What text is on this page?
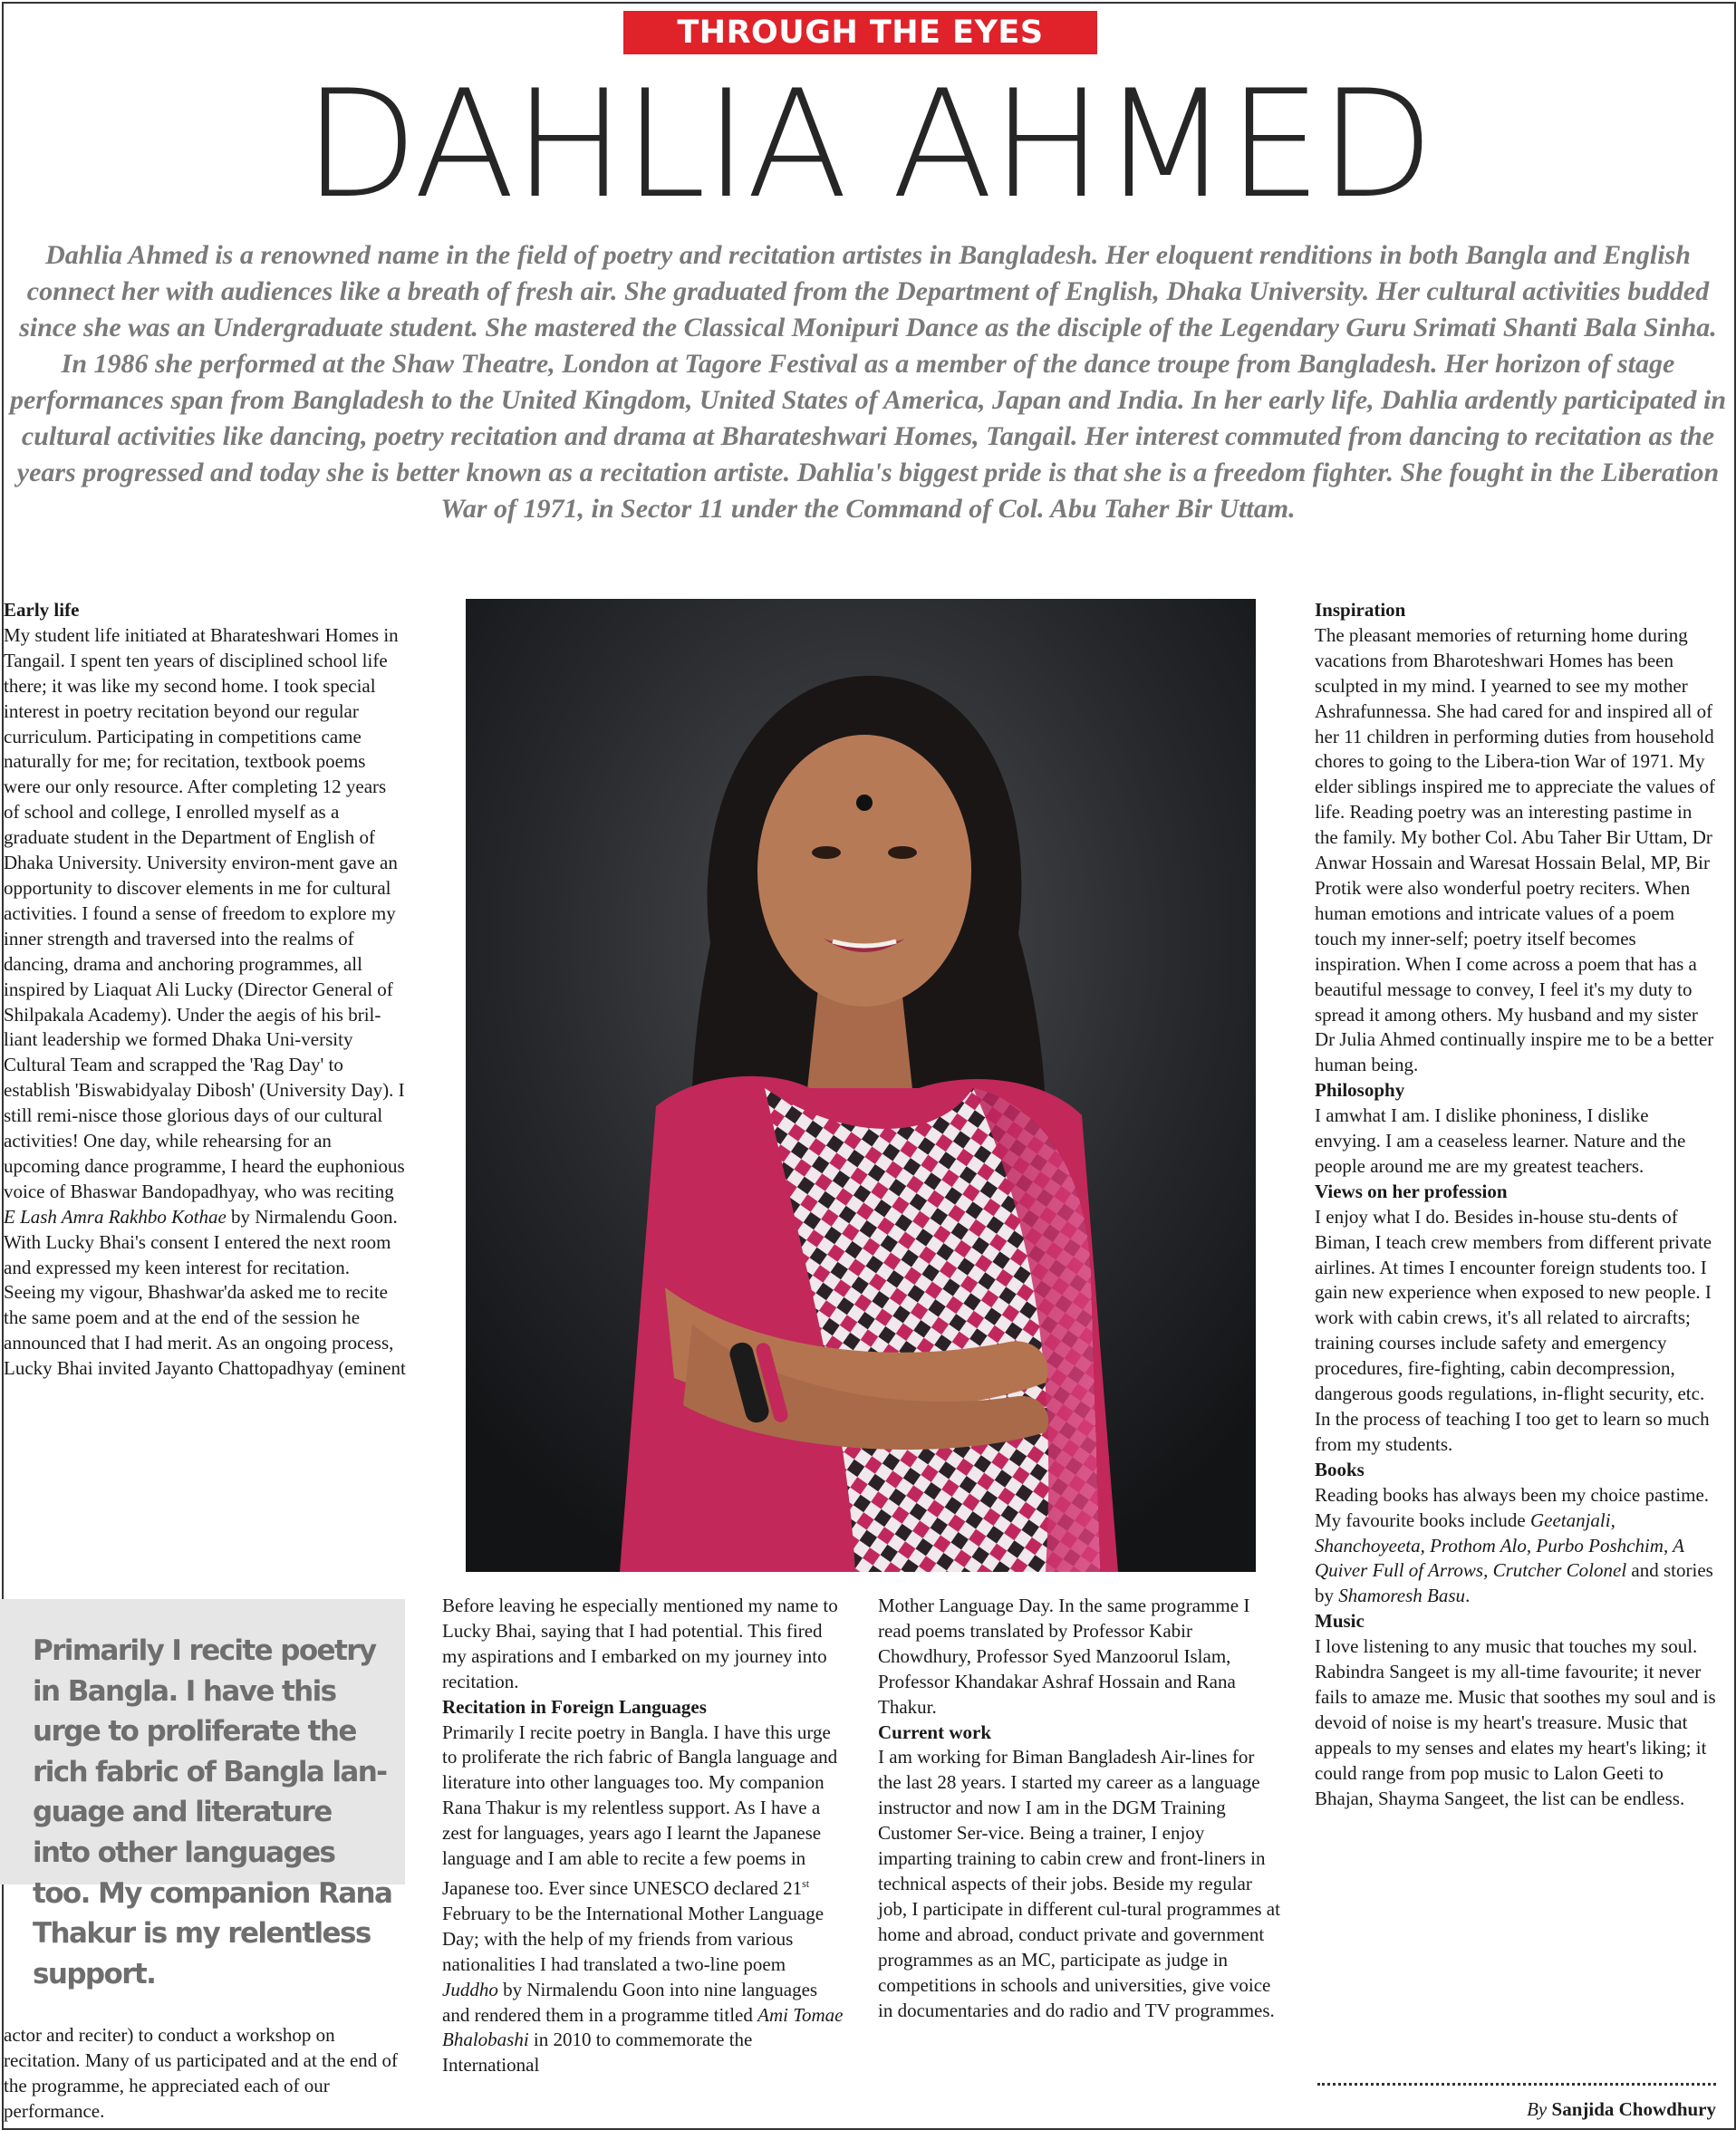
THROUGH THE EYES
DAHLIA AHMED
Dahlia Ahmed is a renowned name in the field of poetry and recitation artistes in Bangladesh. Her eloquent renditions in both Bangla and English connect her with audiences like a breath of fresh air. She graduated from the Department of English, Dhaka University. Her cultural activities budded since she was an Undergraduate student. She mastered the Classical Monipuri Dance as the disciple of the Legendary Guru Srimati Shanti Bala Sinha. In 1986 she performed at the Shaw Theatre, London at Tagore Festival as a member of the dance troupe from Bangladesh. Her horizon of stage performances span from Bangladesh to the United Kingdom, United States of America, Japan and India. In her early life, Dahlia ardently participated in cultural activities like dancing, poetry recitation and drama at Bharateshwari Homes, Tangail. Her interest commuted from dancing to recitation as the years progressed and today she is better known as a recitation artiste. Dahlia's biggest pride is that she is a freedom fighter. She fought in the Liberation War of 1971, in Sector 11 under the Command of Col. Abu Taher Bir Uttam.
Early life

My student life initiated at Bharateshwari Homes in Tangail. I spent ten years of disciplined school life there; it was like my second home. I took special interest in poetry recitation beyond our regular curriculum. Participating in competitions came naturally for me; for recitation, textbook poems were our only resource. After completing 12 years of school and college, I enrolled myself as a graduate student in the Department of English of Dhaka University. University environ-ment gave an opportunity to discover elements in me for cultural activities. I found a sense of freedom to explore my inner strength and traversed into the realms of dancing, drama and anchoring programmes, all inspired by Liaquat Ali Lucky (Director General of Shilpakala Academy). Under the aegis of his bril-liant leadership we formed Dhaka Uni-versity Cultural Team and scrapped the 'Rag Day' to establish 'Biswabidyalay Dibosh' (University Day). I still remi-nisce those glorious days of our cultural activities! One day, while rehearsing for an upcoming dance programme, I heard the euphonious voice of Bhaswar Bandopadhyay, who was reciting E Lash Amra Rakhbo Kothae by Nirmalendu Goon. With Lucky Bhai's consent I entered the next room and expressed my keen interest for recitation. Seeing my vigour, Bhashwar'da asked me to recite the same poem and at the end of the session he announced that I had merit. As an ongoing process, Lucky Bhai invited Jayanto Chattopadhyay (eminent

Primarily I recite poetry in Bangla. I have this urge to proliferate the rich fabric of Bangla lan-guage and literature into other languages too. My companion Rana Thakur is my relentless support.

actor and reciter) to conduct a workshop on recitation. Many of us participated and at the end of the programme, he appreciated each of our performance.

Before leaving he especially mentioned my name to Lucky Bhai, saying that I had potential. This fired my aspirations and I embarked on my journey into recitation.

Recitation in Foreign Languages

Primarily I recite poetry in Bangla. I have this urge to proliferate the rich fabric of Bangla language and literature into other languages too. My companion Rana Thakur is my relentless support. As I have a zest for languages, years ago I learnt the Japanese language and I am able to recite a few poems in Japanese too. Ever since UNESCO declared 21st February to be the International Mother Language Day; with the help of my friends from various nationalities I had translated a two-line poem Juddho by Nirmalendu Goon into nine languages and rendered them in a programme titled Ami Tomae Bhalobashi in 2010 to commemorate the International

Mother Language Day. In the same programme I read poems translated by Professor Kabir Chowdhury, Professor Syed Manzoorul Islam, Professor Khandakar Ashraf Hossain and Rana Thakur.

Current work

I am working for Biman Bangladesh Air-lines for the last 28 years. I started my career as a language instructor and now I am in the DGM Training Customer Ser-vice. Being a trainer, I enjoy imparting training to cabin crew and front-liners in technical aspects of their jobs. Beside my regular job, I participate in different cul-tural programmes at home and abroad, conduct private and government programmes as an MC, participate as judge in competitions in schools and universities, give voice in documentaries and do radio and TV programmes.

Inspiration

The pleasant memories of returning home during vacations from Bharoteshwari Homes has been sculpted in my mind. I yearned to see my mother Ashrafunnessa. She had cared for and inspired all of her 11 children in performing duties from household chores to going to the Libera-tion War of 1971. My elder siblings inspired me to appreciate the values of life. Reading poetry was an interesting pastime in the family. My bother Col. Abu Taher Bir Uttam, Dr Anwar Hossain and Waresat Hossain Belal, MP, Bir Protik were also wonderful poetry reciters. When human emotions and intricate values of a poem touch my inner-self; poetry itself becomes inspiration. When I come across a poem that has a beautiful message to convey, I feel it's my duty to spread it among others. My husband and my sister Dr Julia Ahmed continually inspire me to be a better human being.

Philosophy

I amwhat I am. I dislike phoniness, I dislike envying. I am a ceaseless learner. Nature and the people around me are my greatest teachers.

Views on her profession

I enjoy what I do. Besides in-house stu-dents of Biman, I teach crew members from different private airlines. At times I encounter foreign students too. I gain new experience when exposed to new people. I work with cabin crews, it's all related to aircrafts; training courses include safety and emergency procedures, fire-fighting, cabin decompression, dangerous goods regulations, in-flight security, etc. In the process of teaching I too get to learn so much from my students.

Books

Reading books has always been my choice pastime. My favourite books include Geetanjali, Shanchoyeeta, Prothom Alo, Purbo Poshchim, A Quiver Full of Arrows, Crutcher Colonel and stories by Shamoresh Basu.

Music

I love listening to any music that touches my soul. Rabindra Sangeet is my all-time favourite; it never fails to amaze me. Music that soothes my soul and is devoid of noise is my heart's treasure. Music that appeals to my senses and elates my heart's liking; it could range from pop music to Lalon Geeti to Bhajan, Shayma Sangeet, the list can be endless.

By Sanjida Chowdhury
